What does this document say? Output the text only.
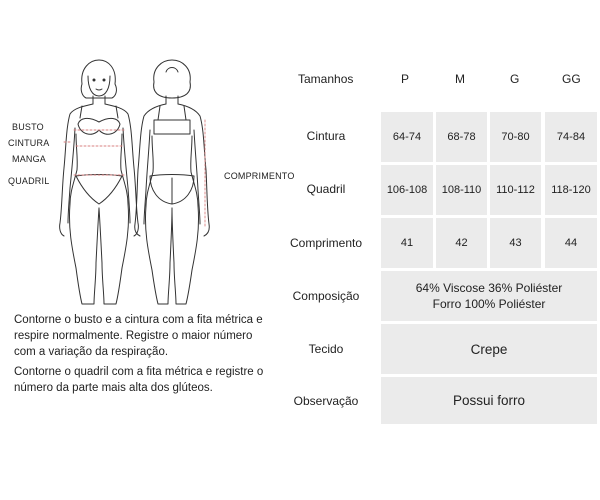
BUSTO
CINTURA
MANGA
QUADRIL	COMPRIMENTO

Contorne o busto e a cintura com a fita métrica e respire normalmente. Registre o maior número com a variação da respiração.

Contorne o quadril com a fita métrica e registre o número da parte mais alta dos glúteos.

Tamanhos	P	M	G	GG
Cintura	64-74	68-78	70-80	74-84
Quadril	106-108	108-110	110-112	118-120
Comprimento	41	42	43	44
Composição
64% Viscose 36% Poliéster
Forro 100% Poliéster
Tecido	Crepe
Observação	Possui forro
